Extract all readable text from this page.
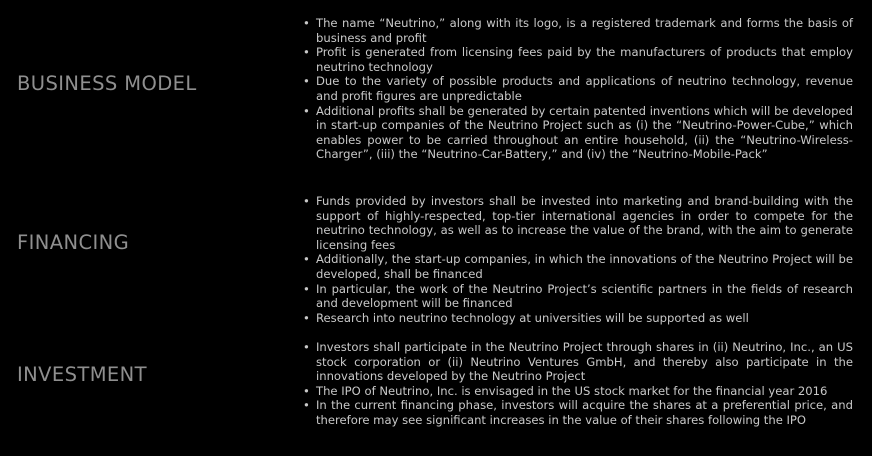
BUSINESS MODEL
• The name “Neutrino,” along with its logo, is a registered trademark and forms the basis of business and profit
• Profit is generated from licensing fees paid by the manufacturers of products that employ neutrino technology
• Due to the variety of possible products and applications of neutrino technology, revenue and profit figures are unpredictable
• Additional profits shall be generated by certain patented inventions which will be developed in start-up companies of the Neutrino Project such as (i) the “Neutrino-Power-Cube,” which enables power to be carried throughout an entire household, (ii) the “Neutrino-Wireless-Charger”, (iii) the “Neutrino-Car-Battery,” and (iv) the “Neutrino-Mobile-Pack”
FINANCING
• Funds provided by investors shall be invested into marketing and brand-building with the support of highly-respected, top-tier international agencies in order to compete for the neutrino technology, as well as to increase the value of the brand, with the aim to generate licensing fees
• Additionally, the start-up companies, in which the innovations of the Neutrino Project will be developed, shall be financed
• In particular, the work of the Neutrino Project’s scientific partners in the fields of research and development will be financed
• Research into neutrino technology at universities will be supported as well
INVESTMENT
• Investors shall participate in the Neutrino Project through shares in (ii) Neutrino, Inc., an US stock corporation or (ii) Neutrino Ventures GmbH, and thereby also participate in the innovations developed by the Neutrino Project
• The IPO of Neutrino, Inc. is envisaged in the US stock market for the financial year 2016
• In the current financing phase, investors will acquire the shares at a preferential price, and therefore may see significant increases in the value of their shares following the IPO
